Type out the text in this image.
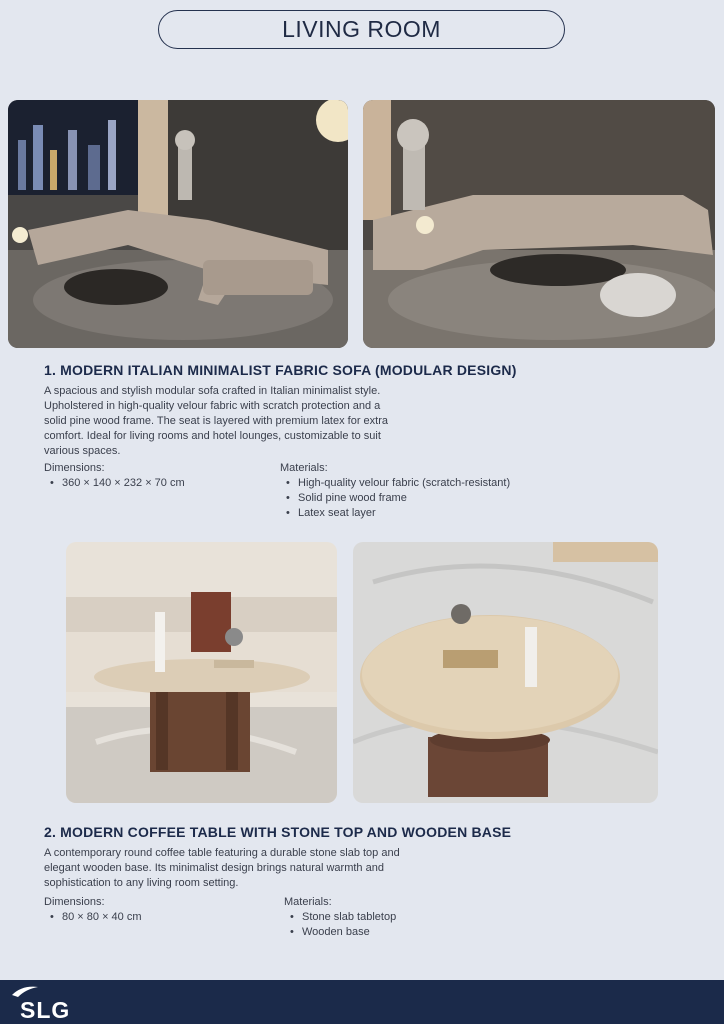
LIVING ROOM
1. MODERN ITALIAN MINIMALIST FABRIC SOFA (MODULAR DESIGN)
A spacious and stylish modular sofa crafted in Italian minimalist style.
Upholstered in high-quality velour fabric with scratch protection and a
solid pine wood frame. The seat is layered with premium latex for extra
comfort. Ideal for living rooms and hotel lounges, customizable to suit
various spaces.
Dimensions:
• 360 × 140 × 232 × 70 cm
Materials:
• High-quality velour fabric (scratch-resistant)
• Solid pine wood frame
• Latex seat layer
2. MODERN COFFEE TABLE WITH STONE TOP AND WOODEN BASE
A contemporary round coffee table featuring a durable stone slab top and
elegant wooden base. Its minimalist design brings natural warmth and
sophistication to any living room setting.
Dimensions:
• 80 × 80 × 40 cm
Materials:
• Stone slab tabletop
• Wooden base
SLG
